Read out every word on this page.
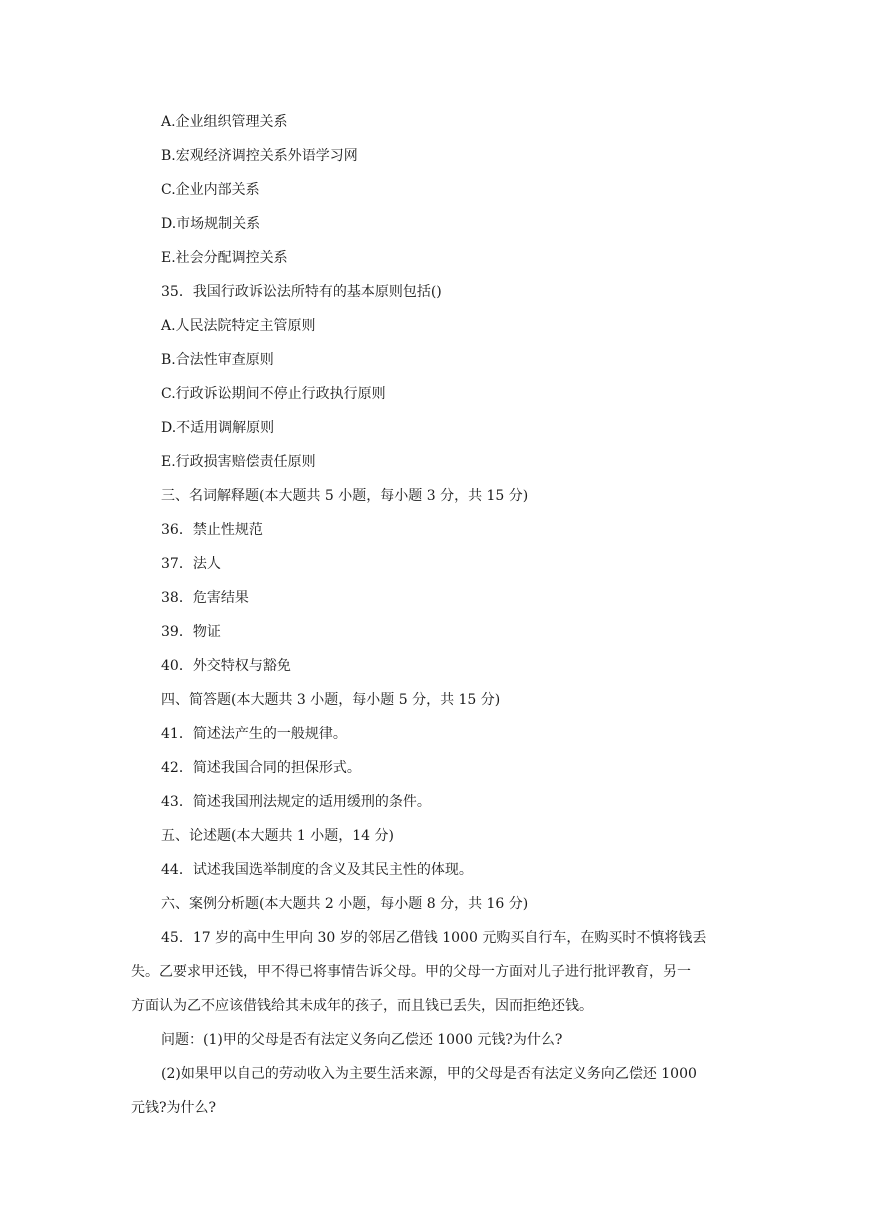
A.企业组织管理关系
B.宏观经济调控关系外语学习网
C.企业内部关系
D.市场规制关系
E.社会分配调控关系
35．我国行政诉讼法所特有的基本原则包括()
A.人民法院特定主管原则
B.合法性审查原则
C.行政诉讼期间不停止行政执行原则
D.不适用调解原则
E.行政损害赔偿责任原则
三、名词解释题(本大题共 5 小题，每小题 3 分，共 15 分)
36．禁止性规范
37．法人
38．危害结果
39．物证
40．外交特权与豁免
四、简答题(本大题共 3 小题，每小题 5 分，共 15 分)
41．简述法产生的一般规律。
42．简述我国合同的担保形式。
43．简述我国刑法规定的适用缓刑的条件。
五、论述题(本大题共 1 小题，14 分)
44．试述我国选举制度的含义及其民主性的体现。
六、案例分析题(本大题共 2 小题，每小题 8 分，共 16 分)
45．17 岁的高中生甲向 30 岁的邻居乙借钱 1000 元购买自行车，在购买时不慎将钱丢
失。乙要求甲还钱，甲不得已将事情告诉父母。甲的父母一方面对儿子进行批评教育，另一
方面认为乙不应该借钱给其未成年的孩子，而且钱已丢失，因而拒绝还钱。
问题：(1)甲的父母是否有法定义务向乙偿还 1000 元钱?为什么?
(2)如果甲以自己的劳动收入为主要生活来源，甲的父母是否有法定义务向乙偿还 1000
元钱?为什么?
